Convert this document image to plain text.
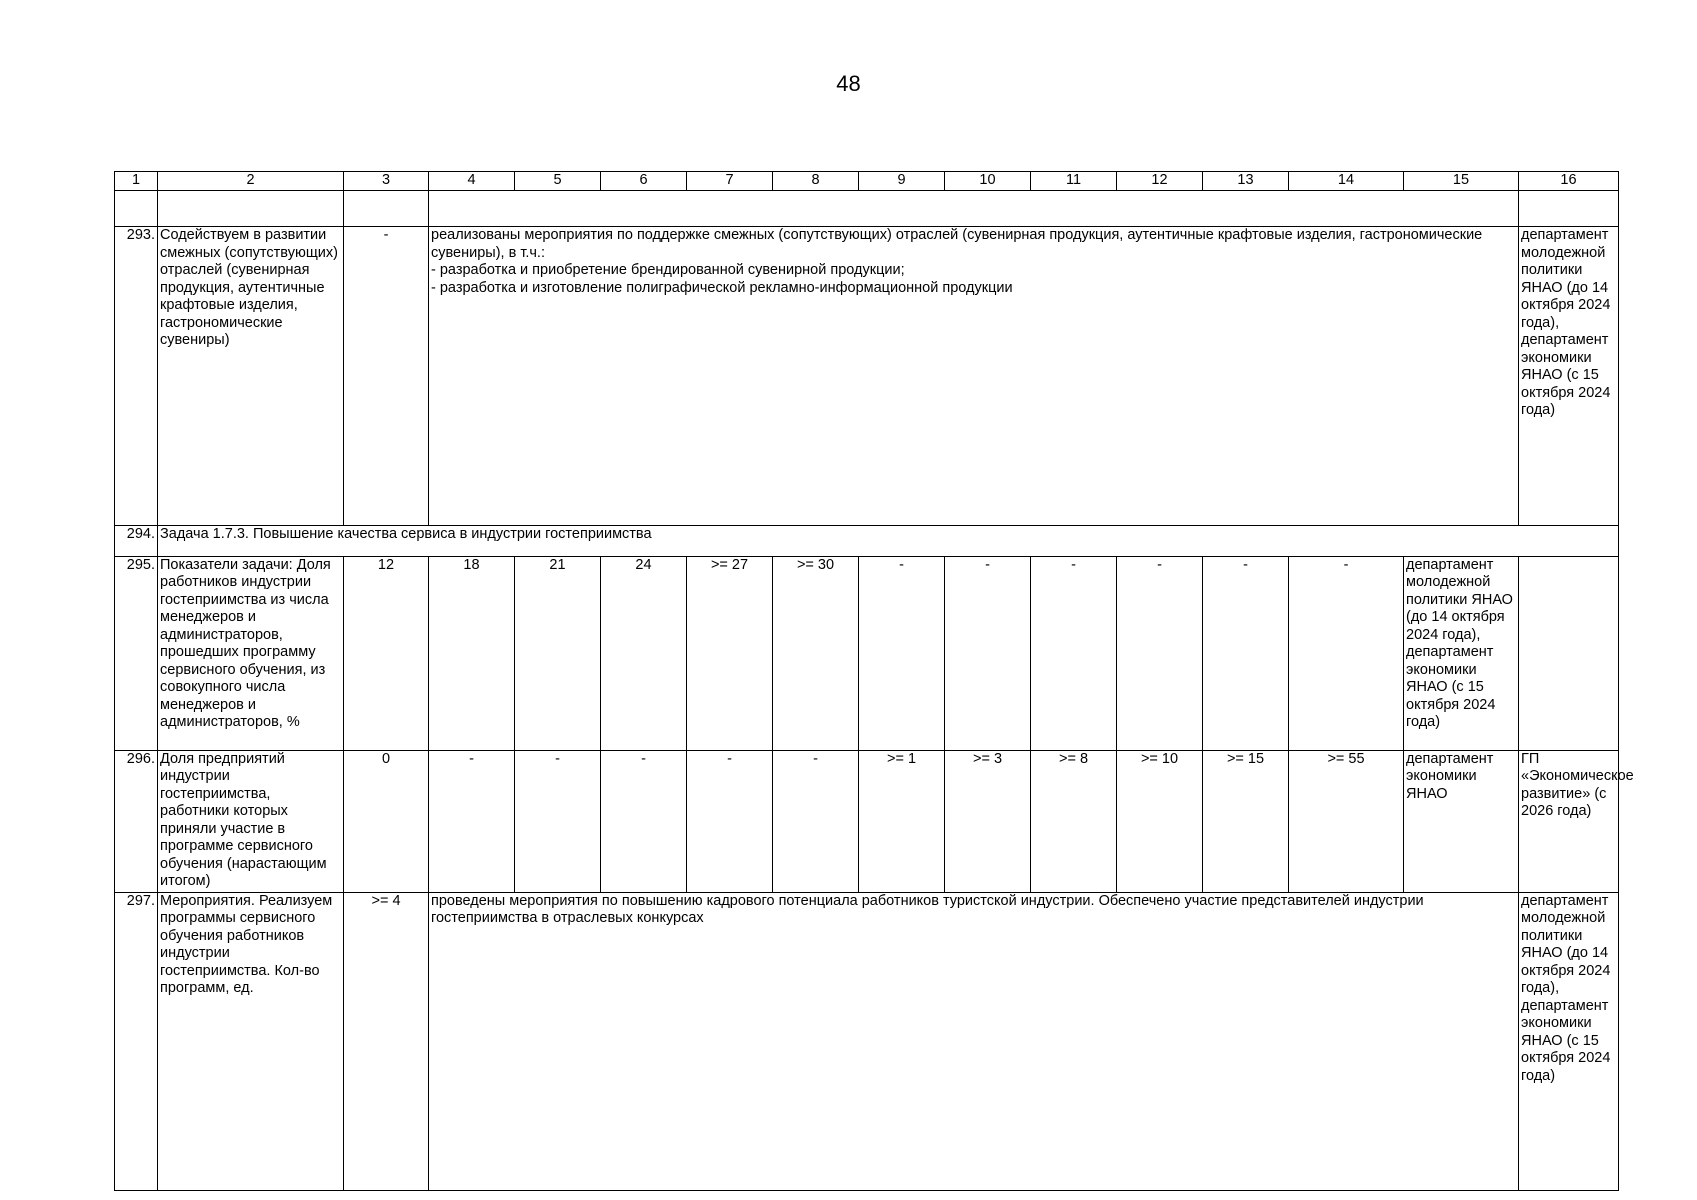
48
1	2	3	4	5	6	7	8	9	10	11	12	13	14	15	16	

293.	Содействуем в развитии смежных (сопутствующих) отраслей (сувенирная продукция, аутентичные крафтовые изделия, гастрономические сувениры)	-	реализованы мероприятия по поддержке смежных (сопутствующих) отраслей (сувенирная продукция, аутентичные крафтовые изделия, гастрономические сувениры), в т.ч.:
- разработка и приобретение брендированной сувенирной продукции;
- разработка и изготовление полиграфической рекламно-информационной продукции												департамент молодежной политики ЯНАО (до 14 октября 2024 года), департамент экономики ЯНАО (с 15 октября 2024 года)	
294.	Задача 1.7.3. Повышение качества сервиса в индустрии гостеприимства															
295.	Показатели задачи: Доля работников индустрии гостеприимства из числа менеджеров и администраторов, прошедших программу сервисного обучения, из совокупного числа менеджеров и администраторов, %	12	18	21	24	>= 27	>= 30	-	-	-	-	-	-	департамент молодежной политики ЯНАО (до 14 октября 2024 года), департамент экономики ЯНАО (с 15 октября 2024 года)		
296.	Доля предприятий индустрии гостеприимства, работники которых приняли участие в программе сервисного обучения (нарастающим итогом)	0	-	-	-	-	-	>= 1	>= 3	>= 8	>= 10	>= 15	>= 55	департамент экономики ЯНАО	ГП «Экономическое развитие» (с 2026 года)	
297.	Мероприятия. Реализуем программы сервисного обучения работников индустрии гостеприимства. Кол-во программ, ед.	>= 4	проведены мероприятия по повышению кадрового потенциала работников туристской индустрии. Обеспечено участие представителей индустрии гостеприимства в отраслевых конкурсах												департамент молодежной политики ЯНАО (до 14 октября 2024 года), департамент экономики ЯНАО (с 15 октября 2024 года)	
